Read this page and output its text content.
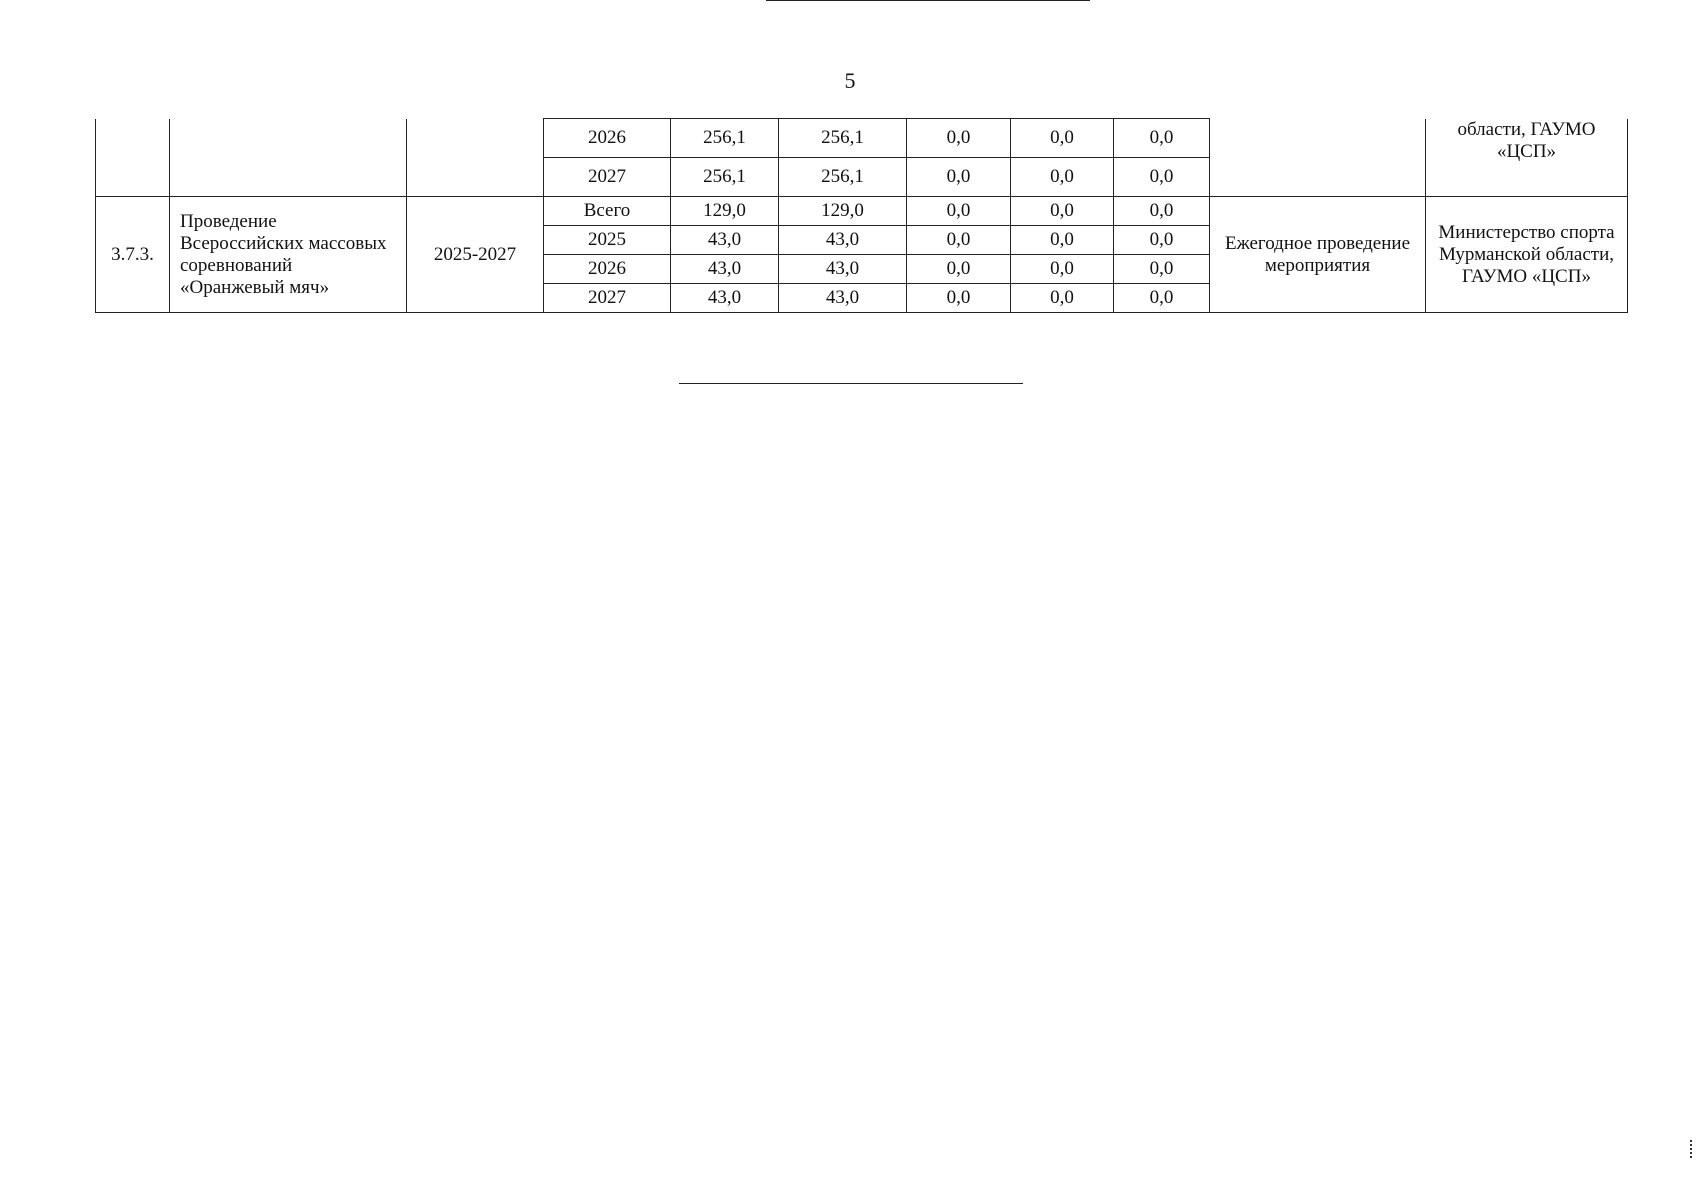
5
			2026	256,1	256,1	0,0	0,0	0,0		области, ГАУМО «ЦСП»
			2027	256,1	256,1	0,0	0,0	0,0		
3.7.3.	Проведение Всероссийских массовых соревнований «Оранжевый мяч»	2025-2027	Всего	129,0	129,0	0,0	0,0	0,0	Ежегодное проведение мероприятия	Министерство спорта Мурманской области, ГАУМО «ЦСП»
			2025	43,0	43,0	0,0	0,0	0,0		
			2026	43,0	43,0	0,0	0,0	0,0		
			2027	43,0	43,0	0,0	0,0	0,0		
